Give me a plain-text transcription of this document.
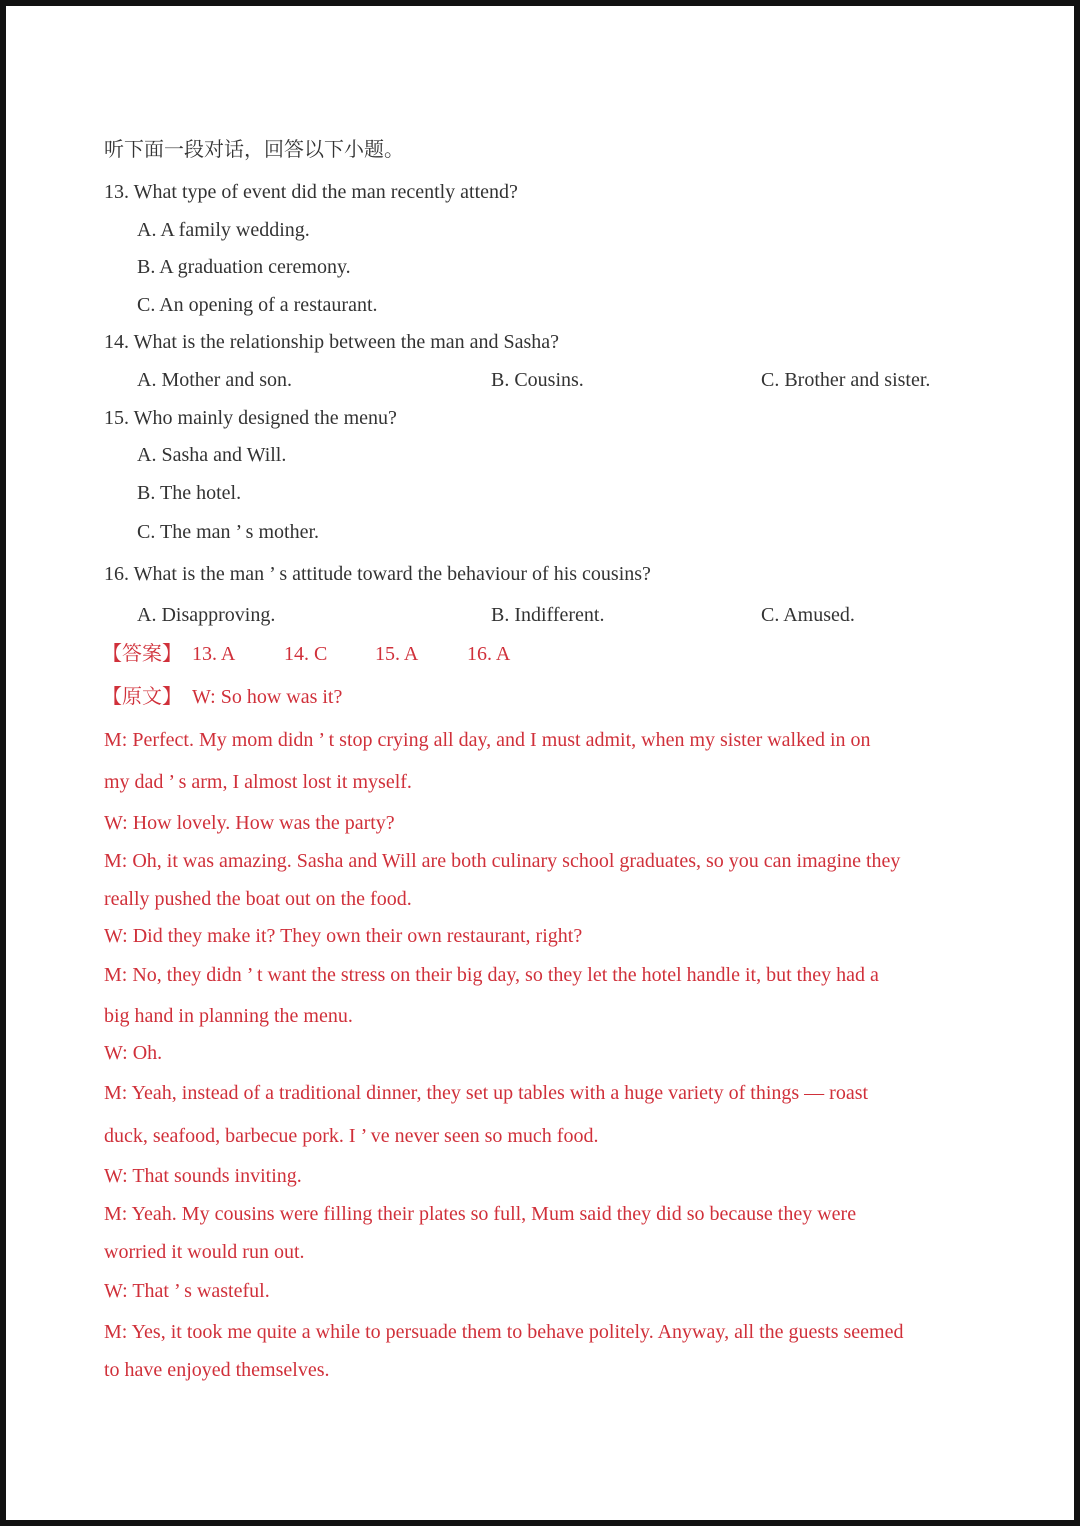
听下面一段对话，回答以下小题。
13. What type of event did the man recently attend?
A. A family wedding.
B. A graduation ceremony.
C. An opening of a restaurant.
14. What is the relationship between the man and Sasha?
A. Mother and son.	B. Cousins.	C. Brother and sister.
15. Who mainly designed the menu?
A. Sasha and Will.
B. The hotel.
C. The man ’ s mother.
16. What is the man ’ s attitude toward the behaviour of his cousins?
A. Disapproving.	B. Indifferent.	C. Amused.
【答案】 13. A 14. C 15. A 16. A
【原文】 W: So how was it?
M: Perfect. My mom didn ’ t stop crying all day, and I must admit, when my sister walked in on
my dad ’ s arm, I almost lost it myself.
W: How lovely. How was the party?
M: Oh, it was amazing. Sasha and Will are both culinary school graduates, so you can imagine they
really pushed the boat out on the food.
W: Did they make it? They own their own restaurant, right?
M: No, they didn ’ t want the stress on their big day, so they let the hotel handle it, but they had a
big hand in planning the menu.
W: Oh.
M: Yeah, instead of a traditional dinner, they set up tables with a huge variety of things — roast
duck, seafood, barbecue pork. I ’ ve never seen so much food.
W: That sounds inviting.
M: Yeah. My cousins were filling their plates so full, Mum said they did so because they were
worried it would run out.
W: That ’ s wasteful.
M: Yes, it took me quite a while to persuade them to behave politely. Anyway, all the guests seemed
to have enjoyed themselves.
